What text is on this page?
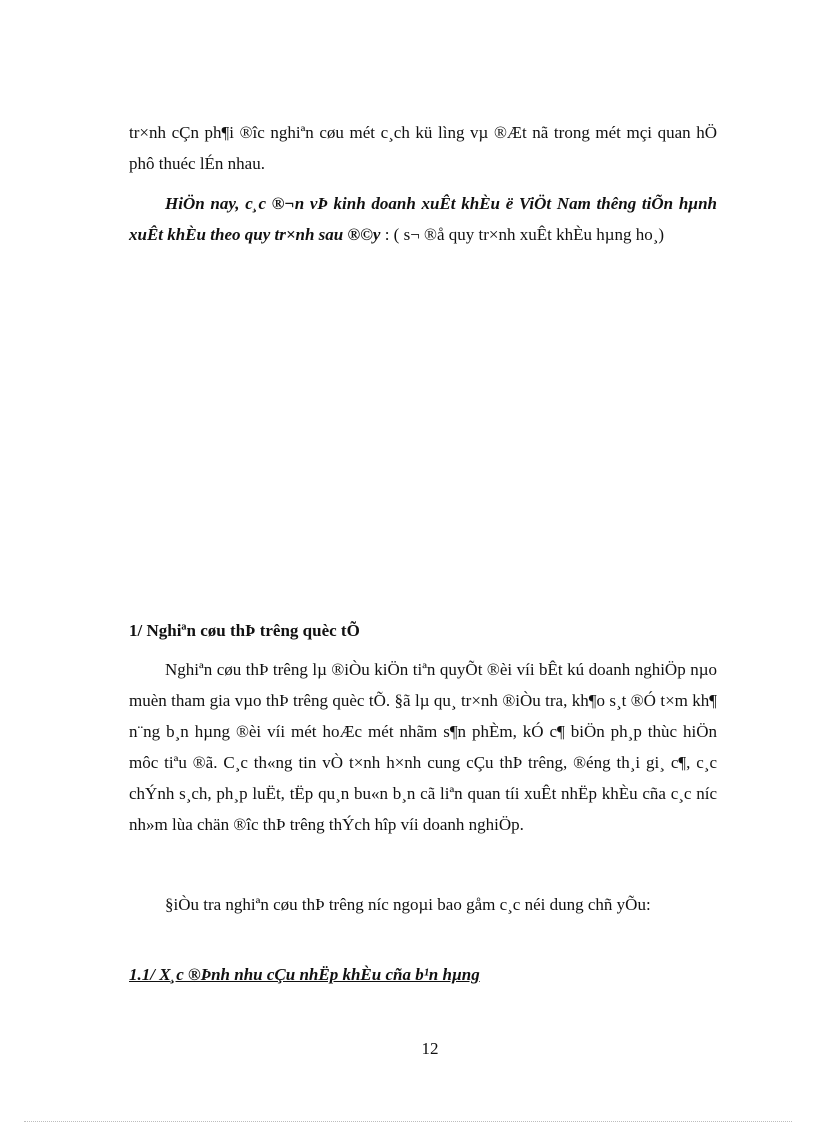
tr×nh cÇn ph¶i ®îc nghiªn cøu mét c¸ch kü lìng vµ ®Æt nã trong mét mçi quan hÖ phô thuéc lÉn nhau.

HiÖn nay, c¸c ®¬n vÞ kinh doanh xuÊt khÈu ë ViÖt Nam thêng tiÕn hµnh xuÊt khÈu theo quy tr×nh sau ®©y : ( s¬ ®å quy tr×nh xuÊt khÈu hµng ho¸)

1/ Nghiªn cøu thÞ trêng quèc tÕ

Nghiªn cøu thÞ trêng lµ ®iÒu kiÖn tiªn quyÕt ®èi víi bÊt kú doanh nghiÖp nµo muèn tham gia vµo thÞ trêng quèc tÕ. §ã lµ qu¸ tr×nh ®iÒu tra, kh¶o s¸t ®Ó t×m kh¶ n¨ng b¸n hµng ®èi víi mét hoÆc mét nhãm s¶n phÈm, kÓ c¶ biÖn ph¸p thùc hiÖn môc tiªu ®ã. C¸c th«ng tin vÒ t×nh h×nh cung cÇu thÞ trêng, ®éng th¸i gi¸ c¶, c¸c chÝnh s¸ch, ph¸p luËt, tËp qu¸n bu«n b¸n cã liªn quan tíi xuÊt nhËp khÈu cña c¸c níc nh»m lùa chän ®îc thÞ trêng thÝch hîp víi doanh nghiÖp.

§iÒu tra nghiªn cøu thÞ trêng níc ngoµi bao gåm c¸c néi dung chñ yÕu:

1.1/ X¸c ®Þnh nhu cÇu nhËp khÈu cña b¹n hµng
12
